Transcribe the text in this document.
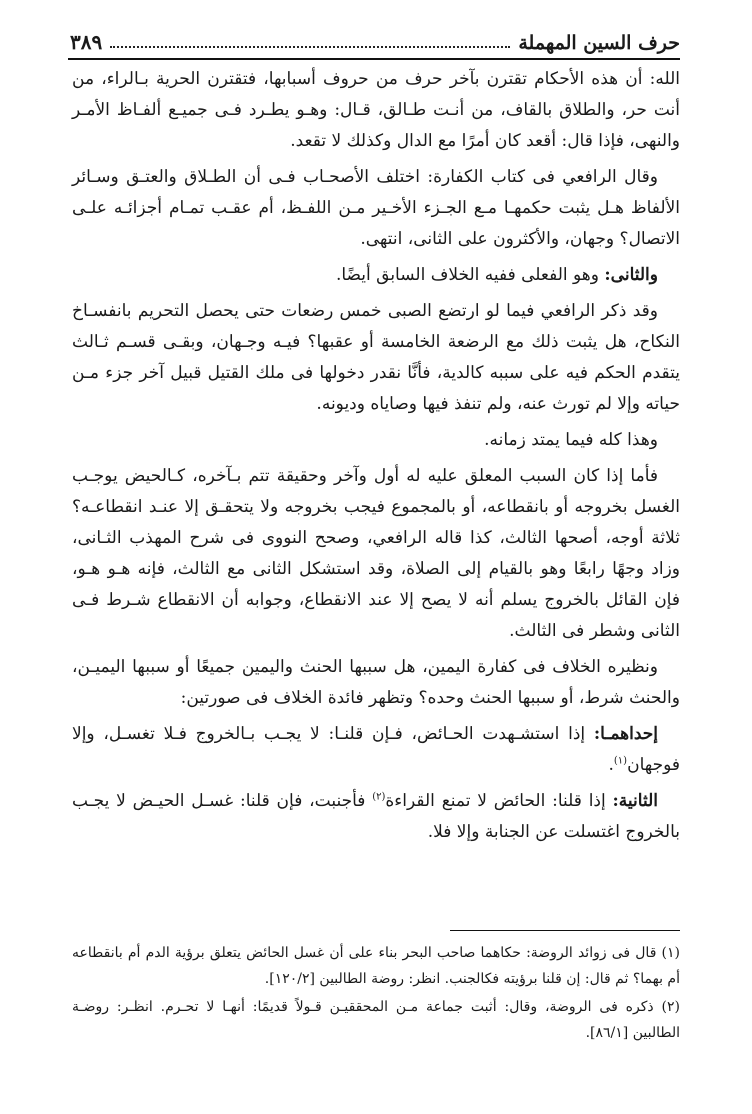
حرف السين المهملة
٣٨٩

الله: أن هذه الأحكام تقترن بآخر حرف من حروف أسبابها، فتقترن الحرية بـالراء، من أنت حر، والطلاق بالقاف، من أنـت طـالق، قـال: وهـو يطـرد فـى جميـع ألفـاظ الأمـر والنهى، فإذا قال: أقعد كان أمرًا مع الدال وكذلك لا تقعد.

وقال الرافعي فى كتاب الكفارة: اختلف الأصحـاب فـى أن الطـلاق والعتـق وسـائر الألفاظ هـل يثبت حكمهـا مـع الجـزء الأخـير مـن اللفـظ، أم عقـب تمـام أجزائـه علـى الاتصال؟ وجهان، والأكثرون على الثانى، انتهى.

والثانى: وهو الفعلى ففيه الخلاف السابق أيضًا.

وقد ذكر الرافعي فيما لو ارتضع الصبى خمس رضعات حتى يحصل التحريم بانفسـاخ النكاح، هل يثبت ذلك مع الرضعة الخامسة أو عقبها؟ فيـه وجـهان، وبقـى قسـم ثـالث يتقدم الحكم فيه على سببه كالدية، فأنَّا نقدر دخولها فى ملك القتيل قبيل آخر جزء مـن حياته وإلا لم تورث عنه، ولم تنفذ فيها وصاياه وديونه.

وهذا كله فيما يمتد زمانه.

فأما إذا كان السبب المعلق عليه له أول وآخر وحقيقة تتم بـآخره، كـالحيض يوجـب الغسل بخروجه أو بانقطاعه، أو بالمجموع فيجب بخروجه ولا يتحقـق إلا عنـد انقطاعـه؟ ثلاثة أوجه، أصحها الثالث، كذا قاله الرافعي، وصحح النووى فى شرح المهذب الثـانى، وزاد وجهًا رابعًا وهو بالقيام إلى الصلاة، وقد استشكل الثانى مع الثالث، فإنه هـو هـو، فإن القائل بالخروج يسلم أنه لا يصح إلا عند الانقطاع، وجوابه أن الانقطاع شـرط فـى الثانى وشطر فى الثالث.

ونظيره الخلاف فى كفارة اليمين، هل سببها الحنث واليمين جميعًا أو سببها اليميـن، والحنث شرط، أو سببها الحنث وحده؟ وتظهر فائدة الخلاف فى صورتين:

إحداهمـا: إذا استشـهدت الحـائض، فـإن قلنـا: لا يجـب بـالخروج فـلا تغسـل، وإلا فوجهان$^{(١)}$.

الثانية: إذا قلنا: الحائض لا تمنع القراءة$^{(٢)}$ فأجنبت، فإن قلنا: غسـل الحيـض لا يجـب بالخروج اغتسلت عن الجنابة وإلا فلا.

(١) قال فى زوائد الروضة: حكاهما صاحب البحر بناء على أن غسل الحائض يتعلق برؤية الدم أم بانقطاعه أم بهما؟ ثم قال: إن قلنا برؤيته فكالجنب. انظر: روضة الطالبين [١٢٠/٢].

(٢) ذكره فى الروضة، وقال: أثبت جماعة مـن المحققيـن قـولاً قديمًا: أنهـا لا تحـرم. انظـر: روضـة الطالبين [٨٦/١].
